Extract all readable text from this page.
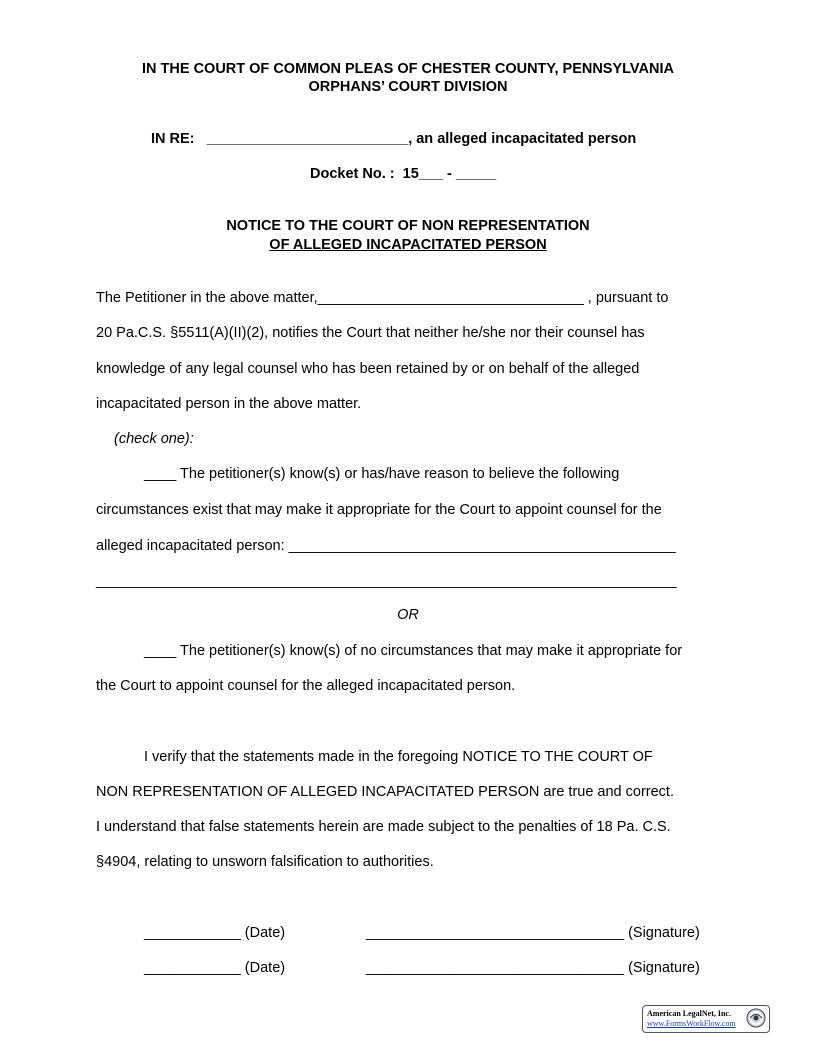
IN THE COURT OF COMMON PLEAS OF CHESTER COUNTY, PENNSYLVANIA
ORPHANS’ COURT DIVISION
IN RE:   _________________________, an alleged incapacitated person
Docket No. :  15___ - _____
NOTICE TO THE COURT OF NON REPRESENTATION
OF ALLEGED INCAPACITATED PERSON
The Petitioner in the above matter,_________________________________ , pursuant to
20 Pa.C.S. §5511(A)(II)(2), notifies the Court that neither he/she nor their counsel has
knowledge of any legal counsel who has been retained by or on behalf of the alleged
incapacitated person in the above matter.
(check one):
____ The petitioner(s) know(s) or has/have reason to believe the following
circumstances exist that may make it appropriate for the Court to appoint counsel for the
alleged incapacitated person: ________________________________________________
________________________________________________________________________
OR
____ The petitioner(s) know(s) of no circumstances that may make it appropriate for
the Court to appoint counsel for the alleged incapacitated person.
I verify that the statements made in the foregoing NOTICE TO THE COURT OF
NON REPRESENTATION OF ALLEGED INCAPACITATED PERSON are true and correct.
I understand that false statements herein are made subject to the penalties of 18 Pa. C.S.
§4904, relating to unsworn falsification to authorities.
____________ (Date)	________________________________ (Signature)
____________ (Date)	________________________________ (Signature)
American LegalNet, Inc.
www.FormsWorkFlow.com
